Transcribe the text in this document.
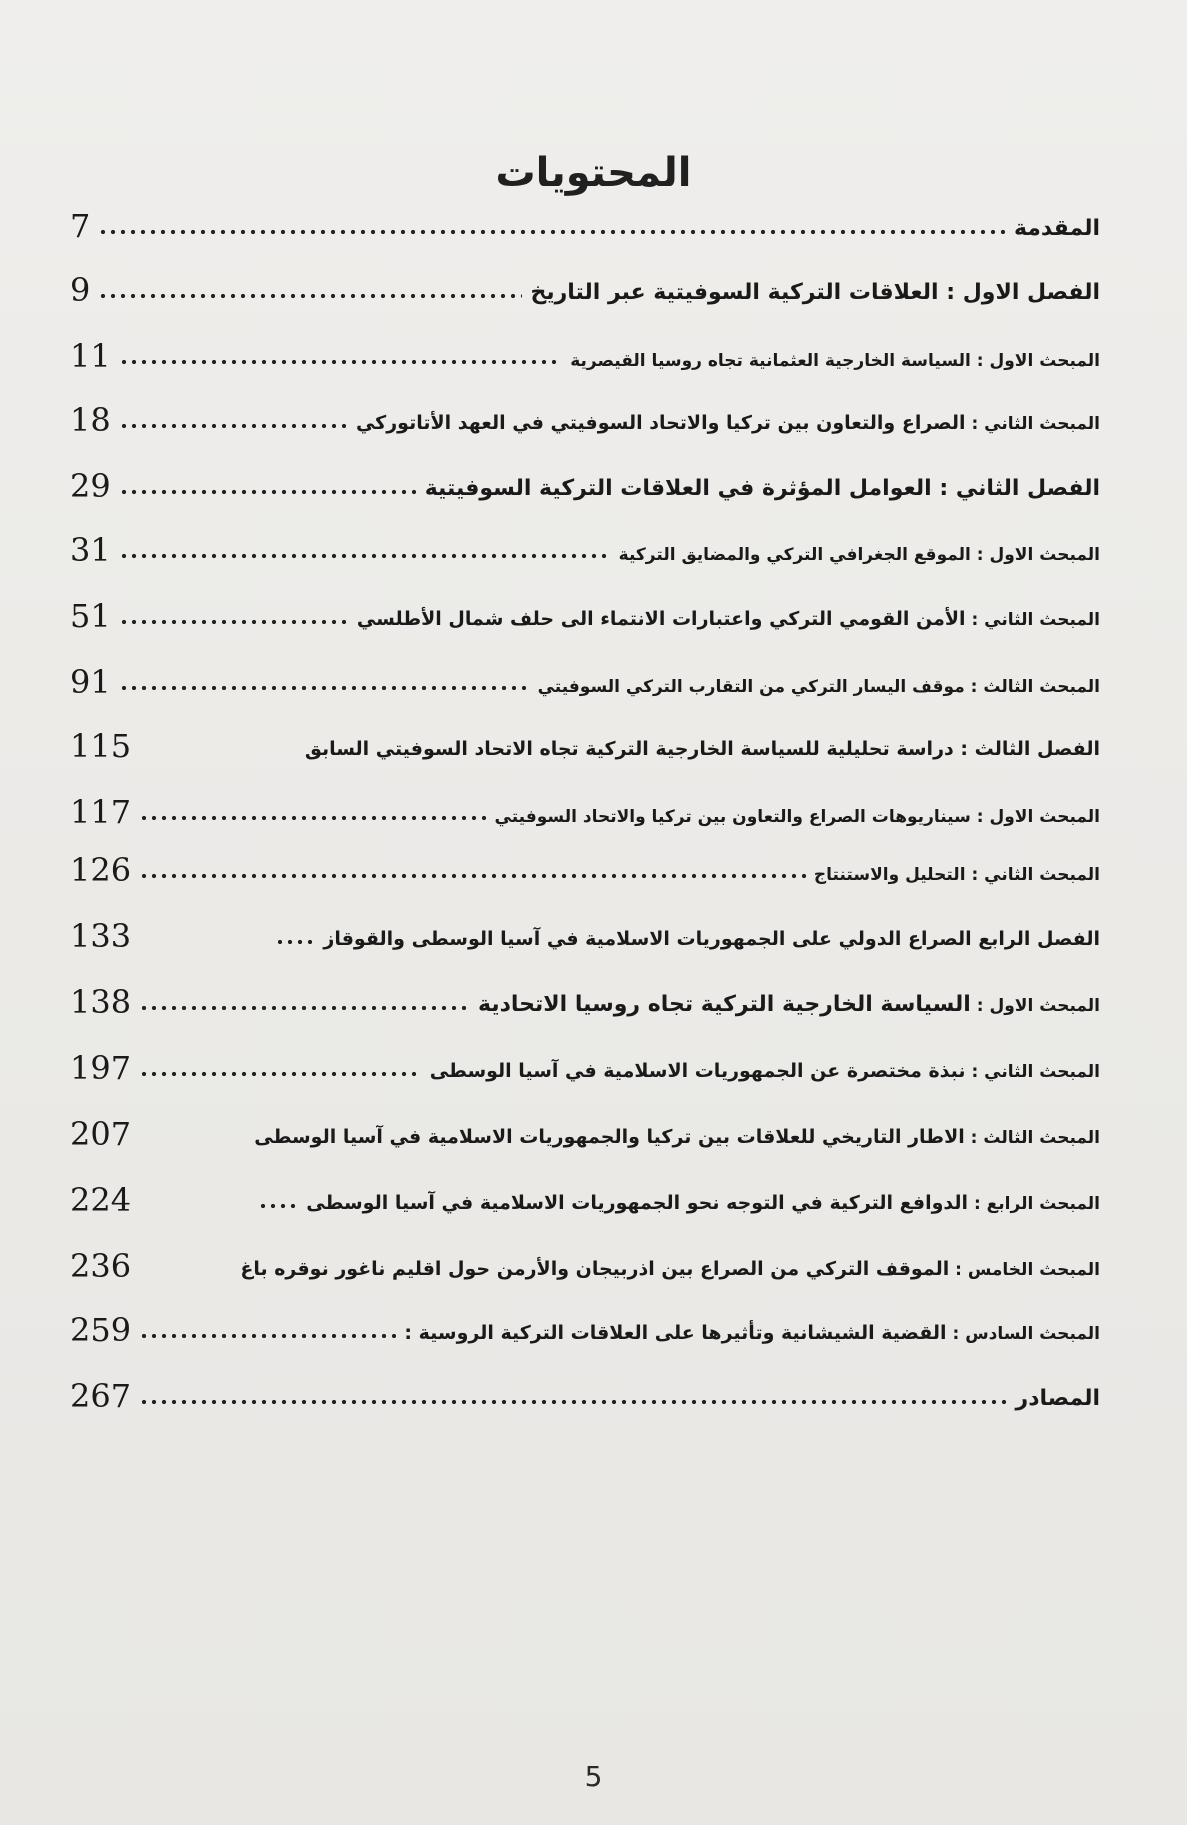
المحتويات
7	المقدمة
9	الفصل الاول : العلاقات التركية السوفيتية عبر التاريخ
11	المبحث الاول : السياسة الخارجية العثمانية تجاه روسيا القيصرية
18	المبحث الثاني : الصراع والتعاون بين تركيا والاتحاد السوفيتي في العهد الأتاتوركي
29	الفصل الثاني : العوامل المؤثرة في العلاقات التركية السوفيتية
31	المبحث الاول : الموقع الجغرافي التركي والمضايق التركية
51	المبحث الثاني : الأمن القومي التركي واعتبارات الانتماء الى حلف شمال الأطلسي
91	المبحث الثالث : موقف اليسار التركي من التقارب التركي السوفيتي
115	الفصل الثالث : دراسة تحليلية للسياسة الخارجية التركية تجاه الاتحاد السوفيتي السابق
117	المبحث الاول : سيناريوهات الصراع والتعاون بين تركيا والاتحاد السوفيتي
126	المبحث الثاني : التحليل والاستنتاج
133	الفصل الرابع الصراع الدولي على الجمهوريات الاسلامية في آسيا الوسطى والقوقاز
138	المبحث الاول : السياسة الخارجية التركية تجاه روسيا الاتحادية
197	المبحث الثاني : نبذة مختصرة عن الجمهوريات الاسلامية في آسيا الوسطى
207	المبحث الثالث : الاطار التاريخي للعلاقات بين تركيا والجمهوريات الاسلامية في آسيا الوسطى
224	المبحث الرابع : الدوافع التركية في التوجه نحو الجمهوريات الاسلامية في آسيا الوسطى
236	المبحث الخامس : الموقف التركي من الصراع بين اذربيجان والأرمن حول اقليم ناغور نوقره باغ
259	المبحث السادس : القضية الشيشانية وتأثيرها على العلاقات التركية الروسية :
267	المصادر
5
